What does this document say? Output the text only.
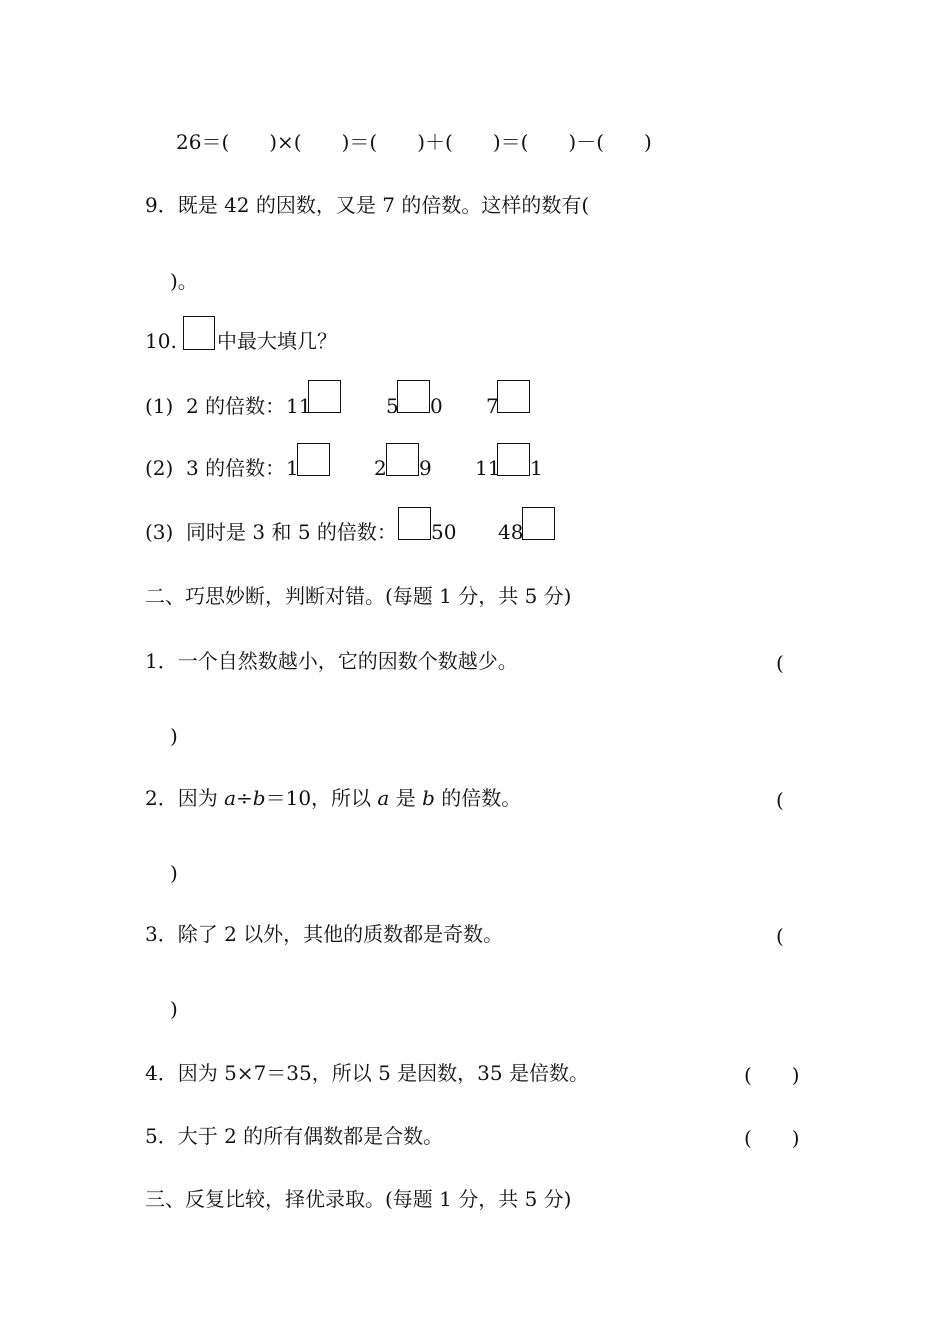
26＝(　　)×(　　)＝(　　)＋(　　)＝(　　)－(　　)
9．既是 42 的因数，又是 7 的倍数。这样的数有(
)。
10. 中最大填几？
(1)  2 的倍数： 11	5 0 7
(2)  3 的倍数： 1	2 9 11 1
(3)  同时是 3 和 5 的倍数： 50 48
二、巧思妙断，判断对错。(每题 1 分，共 5 分)
1．一个自然数越小，它的因数个数越少。	(
)
2．因为 a÷b＝10，所以 a 是 b 的倍数。	(
)
3．除了 2 以外，其他的质数都是奇数。	(
)
4．因为 5×7＝35，所以 5 是因数，35 是倍数。	(　　)
5．大于 2 的所有偶数都是合数。	(　　)
三、反复比较，择优录取。(每题 1 分，共 5 分)
